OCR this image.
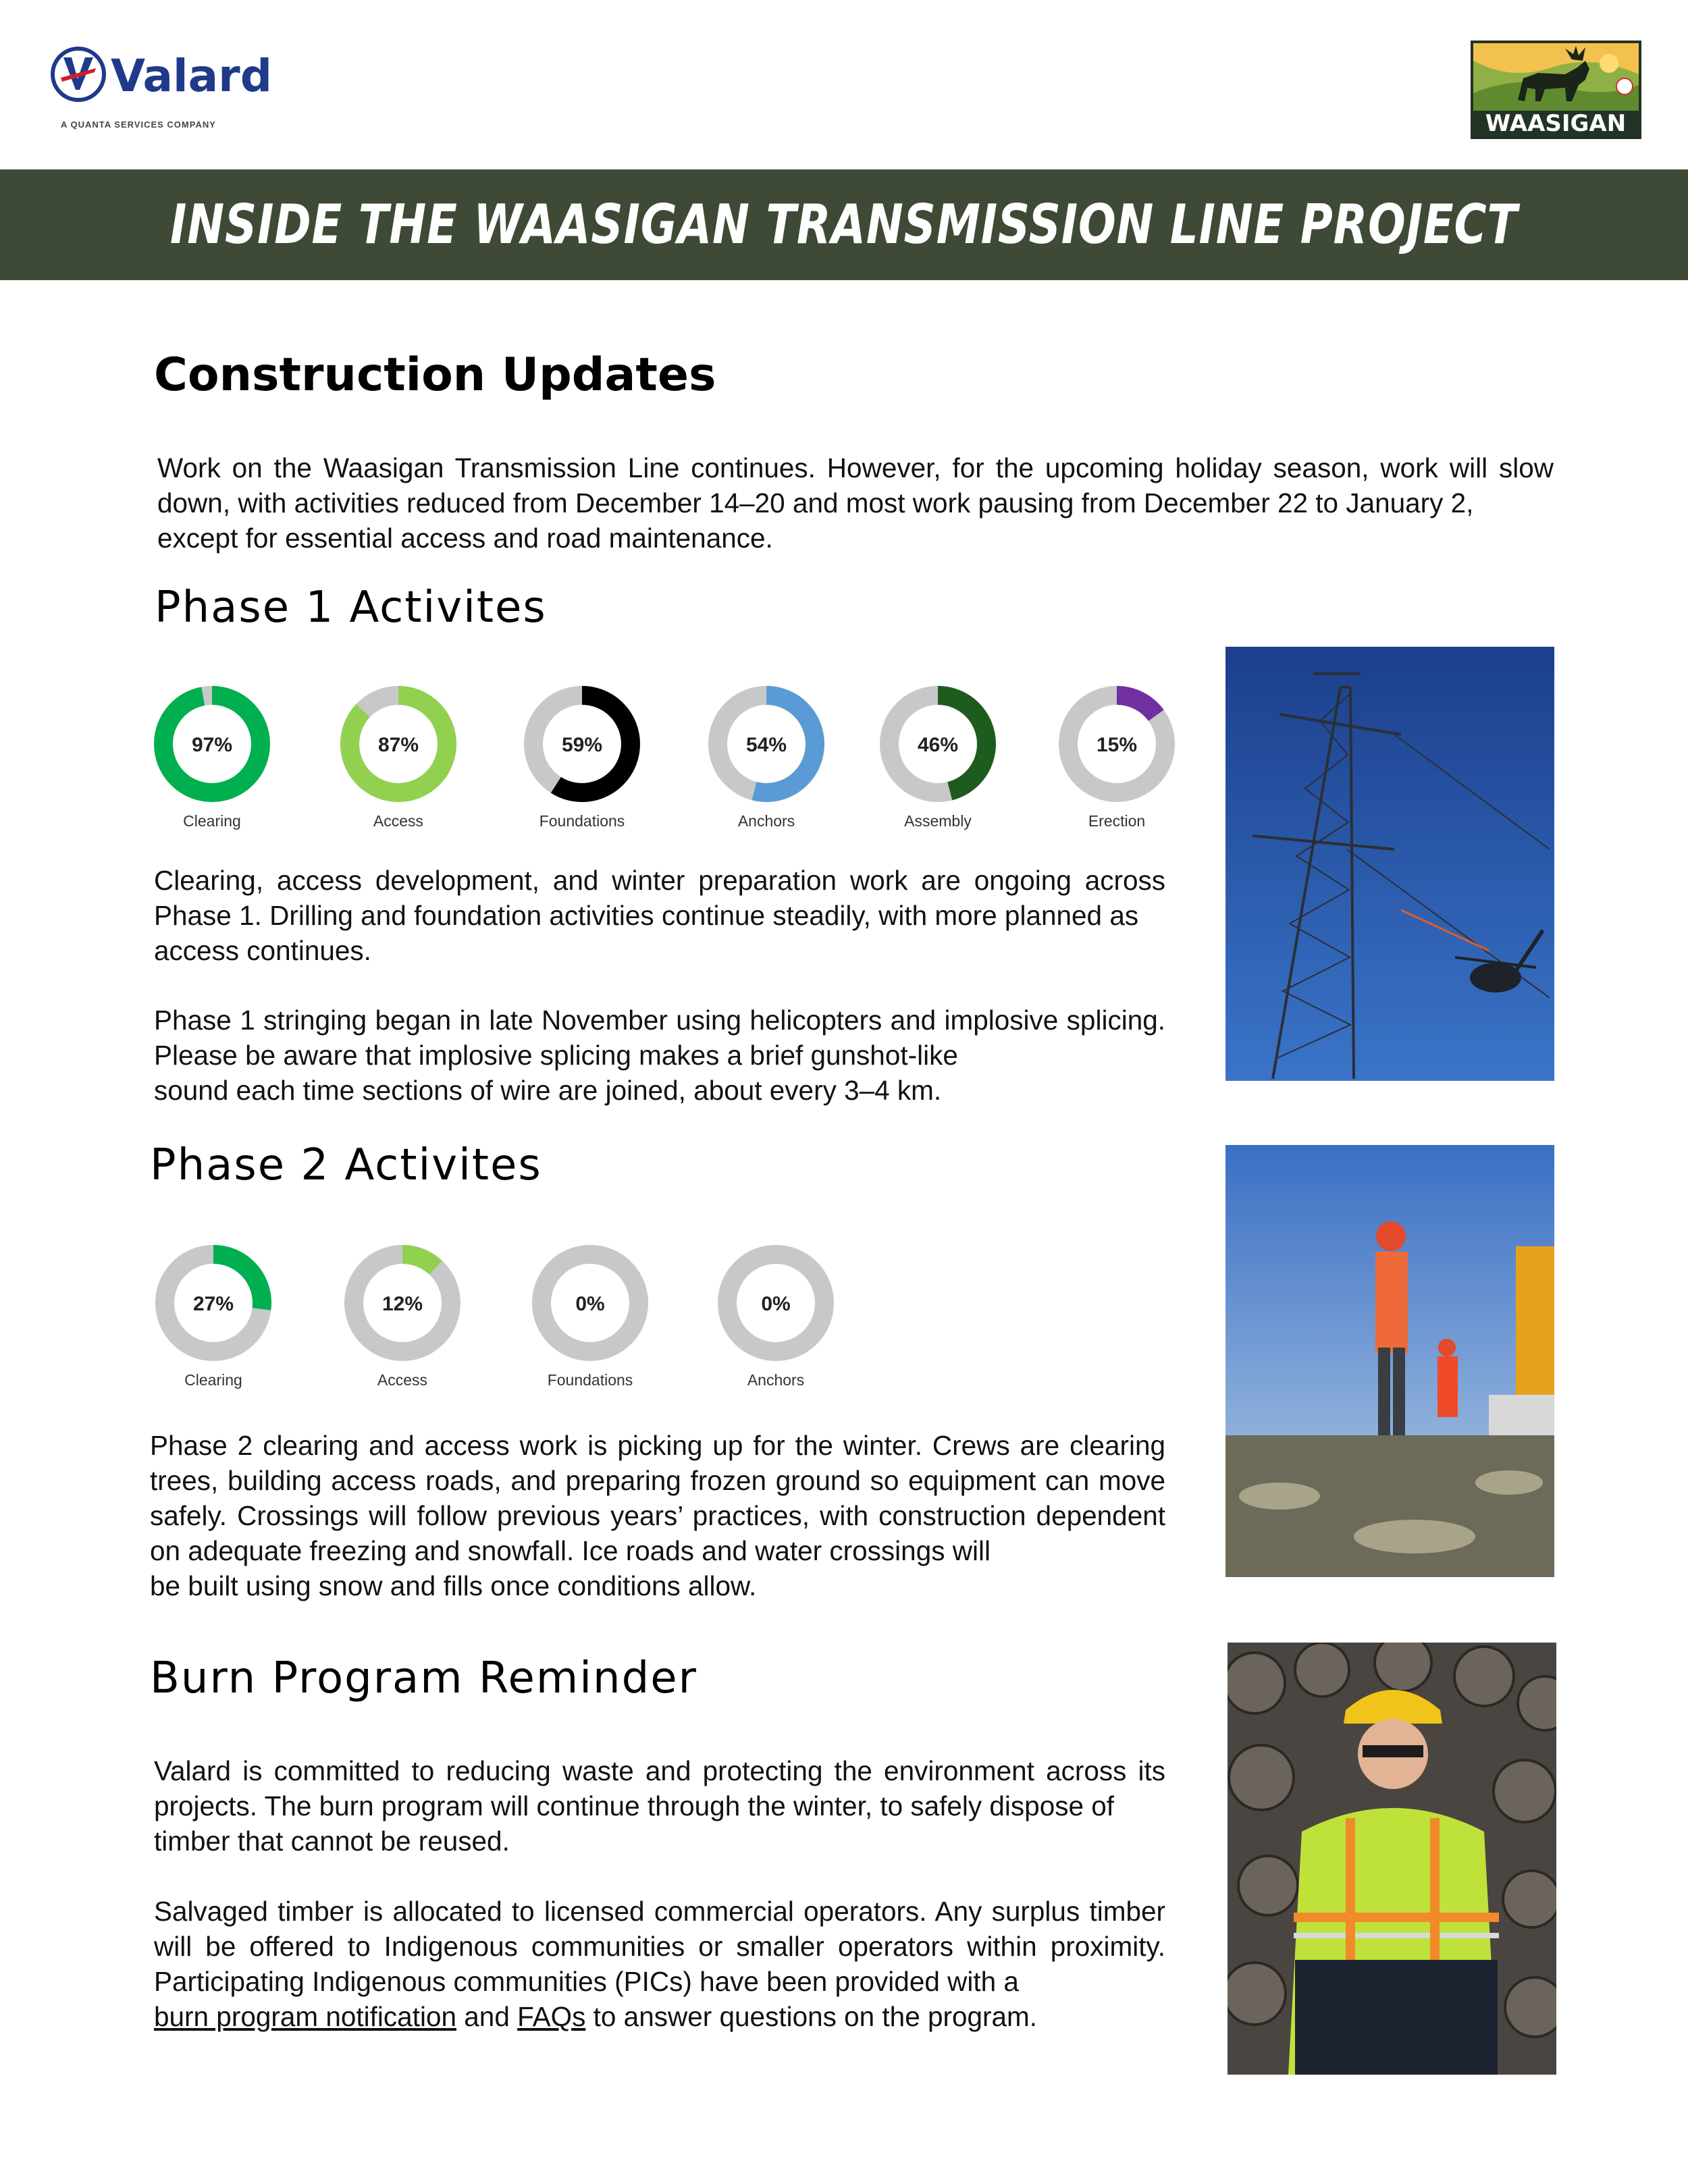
Valard
A QUANTA SERVICES COMPANY	WAASIGAN
INSIDE THE WAASIGAN TRANSMISSION LINE PROJECT
Construction Updates
Work on the Waasigan Transmission Line continues. However, for the upcoming holiday season, work will slow down, with activities reduced from December 14–20 and most work pausing from December 22 to January 2,
except for essential access and road maintenance.
Phase 1 Activites
97%
Clearing
87%
Access
59%
Foundations
54%
Anchors
46%
Assembly
15%
Erection
Clearing, access development, and winter preparation work are ongoing across Phase 1. Drilling and foundation activities continue steadily, with more planned as
access continues.
Phase 1 stringing began in late November using helicopters and implosive splicing. Please be aware that implosive splicing makes a brief gunshot-like
sound each time sections of wire are joined, about every 3–4 km.
Phase 2 Activites
27%
Clearing
12%
Access
0%
Foundations
0%
Anchors
Phase 2 clearing and access work is picking up for the winter. Crews are clearing trees, building access roads, and preparing frozen ground so equipment can move safely. Crossings will follow previous years’ practices, with construction dependent on adequate freezing and snowfall. Ice roads and water crossings will
be built using snow and fills once conditions allow.
Burn Program Reminder
Valard is committed to reducing waste and protecting the environment across its projects. The burn program will continue through the winter, to safely dispose of
timber that cannot be reused.
Salvaged timber is allocated to licensed commercial operators. Any surplus timber will be offered to Indigenous communities or smaller operators within proximity. Participating Indigenous communities (PICs) have been provided with a
burn program notification and FAQs to answer questions on the program.
